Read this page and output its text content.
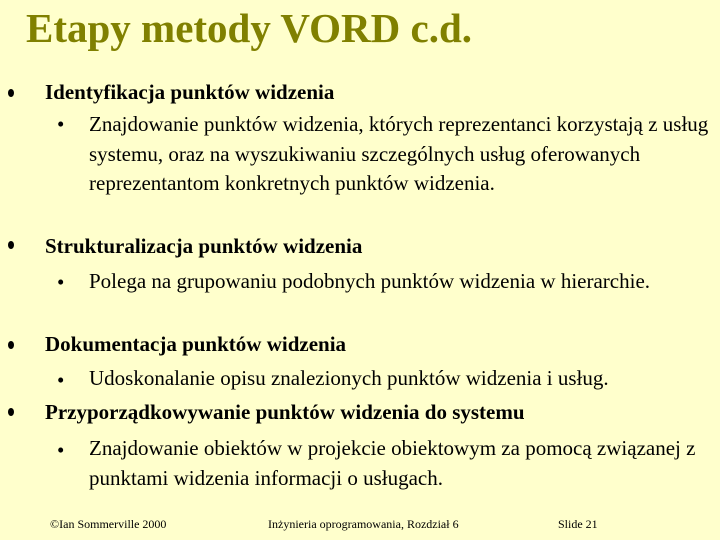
Etapy metody VORD c.d.
Identyfikacja punktów widzenia
• Znajdowanie punktów widzenia, których reprezentanci korzystają z usług systemu, oraz na wyszukiwaniu szczególnych usług oferowanych reprezentantom konkretnych punktów widzenia.
Strukturalizacja punktów widzenia
• Polega na grupowaniu podobnych punktów widzenia w hierarchie.
Dokumentacja punktów widzenia
• Udoskonalanie opisu znalezionych punktów widzenia i usług.
Przyporządkowywanie punktów widzenia do systemu
• Znajdowanie obiektów w projekcie obiektowym za pomocą związanej z punktami widzenia informacji o usługach.
©Ian Sommerville 2000	Inżynieria oprogramowania, Rozdział 6	Slide 21
